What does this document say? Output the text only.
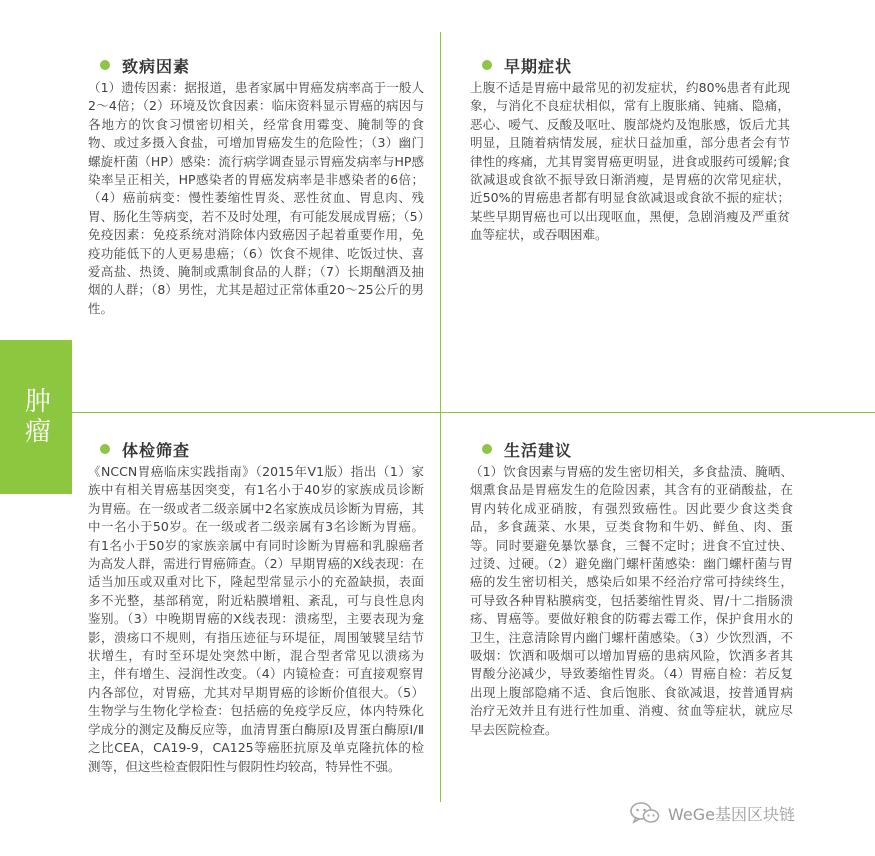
肿瘤
致病因素
（1）遗传因素：据报道，患者家属中胃癌发病率高于一般人2～4倍；（2）环境及饮食因素：临床资料显示胃癌的病因与各地方的饮食习惯密切相关，经常食用霉变、腌制等的食物、或过多摄入食盐，可增加胃癌发生的危险性；（3）幽门螺旋杆菌（HP）感染：流行病学调查显示胃癌发病率与HP感染率呈正相关，HP感染者的胃癌发病率是非感染者的6倍；（4）癌前病变：慢性萎缩性胃炎、恶性贫血、胃息肉、残胃、肠化生等病变，若不及时处理，有可能发展成胃癌；（5）免疫因素：免疫系统对消除体内致癌因子起着重要作用，免疫功能低下的人更易患癌；（6）饮食不规律、吃饭过快、喜爱高盐、热烫、腌制或熏制食品的人群；（7）长期酗酒及抽烟的人群；（8）男性，尤其是超过正常体重20～25公斤的男性。
早期症状
上腹不适是胃癌中最常见的初发症状，约80%患者有此现象，与消化不良症状相似，常有上腹胀痛、钝痛、隐痛，恶心、嗳气、反酸及呕吐、腹部烧灼及饱胀感，饭后尤其明显，且随着病情发展，症状日益加重，部分患者会有节律性的疼痛，尤其胃窦胃癌更明显，进食或服药可缓解;食欲减退或食欲不振导致日渐消瘦，是胃癌的次常见症状，近50%的胃癌患者都有明显食欲减退或食欲不振的症状；某些早期胃癌也可以出现呕血，黑便，急剧消瘦及严重贫血等症状，或吞咽困难。
体检筛查
《NCCN胃癌临床实践指南》（2015年V1版）指出（1）家族中有相关胃癌基因突变，有1名小于40岁的家族成员诊断为胃癌。在一级或者二级亲属中2名家族成员诊断为胃癌，其中一名小于50岁。在一级或者二级亲属有3名诊断为胃癌。有1名小于50岁的家族亲属中有同时诊断为胃癌和乳腺癌者为高发人群，需进行胃癌筛查。（2）早期胃癌的X线表现：在适当加压或双重对比下，隆起型常显示小的充盈缺损，表面多不光整，基部稍宽，附近粘膜增粗、紊乱，可与良性息肉鉴别。（3）中晚期胃癌的X线表现：溃疡型，主要表现为龛影，溃疡口不规则，有指压迹征与环堤征，周围皱襞呈结节状增生，有时至环堤处突然中断，混合型者常见以溃疡为主，伴有增生、浸润性改变。（4）内镜检查：可直接观察胃内各部位，对胃癌，尤其对早期胃癌的诊断价值很大。（5）生物学与生物化学检查：包括癌的免疫学反应，体内特殊化学成分的测定及酶反应等，血清胃蛋白酶原Ⅰ及胃蛋白酶原Ⅰ/Ⅱ之比CEA，CA19-9，CA125等癌胚抗原及单克隆抗体的检测等，但这些检查假阳性与假阴性均较高，特异性不强。
生活建议
（1）饮食因素与胃癌的发生密切相关，多食盐渍、腌晒、烟熏食品是胃癌发生的危险因素，其含有的亚硝酸盐，在胃内转化成亚硝胺，有强烈致癌性。因此要少食这类食品，多食蔬菜、水果，豆类食物和牛奶、鲜鱼、肉、蛋等。同时要避免暴饮暴食，三餐不定时；进食不宜过快、过烫、过硬。（2）避免幽门螺杆菌感染：幽门螺杆菌与胃癌的发生密切相关，感染后如果不经治疗常可持续终生，可导致各种胃粘膜病变，包括萎缩性胃炎、胃/十二指肠溃疡、胃癌等。要做好粮食的防霉去霉工作，保护食用水的卫生，注意清除胃内幽门螺杆菌感染。（3）少饮烈酒，不吸烟：饮酒和吸烟可以增加胃癌的患病风险，饮酒多者其胃酸分泌减少，导致萎缩性胃炎。（4）胃癌自检：若反复出现上腹部隐痛不适、食后饱胀、食欲减退，按普通胃病治疗无效并且有进行性加重、消瘦、贫血等症状，就应尽早去医院检查。
WeGe基因区块链
